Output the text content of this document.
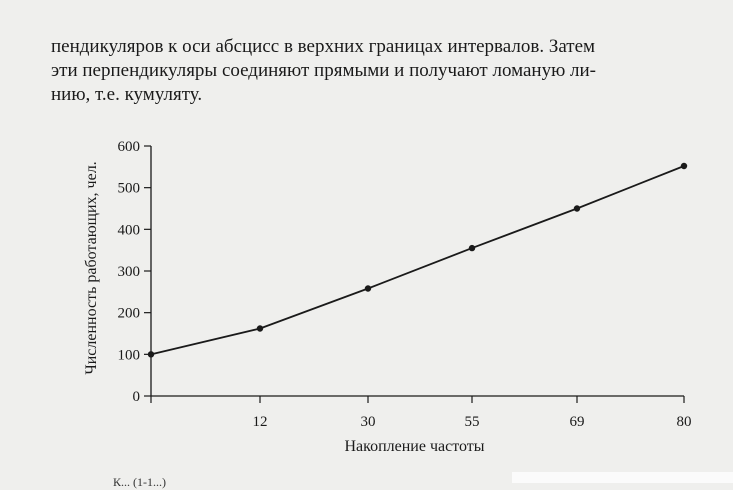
пендикуляров к оси абсцисс в верхних границах интервалов. Затем
эти перпендикуляры соединяют прямыми и получают ломаную ли-
нию, т.е. кумуляту.
0
100
200
300
400
500
600
12	30	55	69	80
Накопление частоты
Численность работающих, чел.
К... (1-1...)
